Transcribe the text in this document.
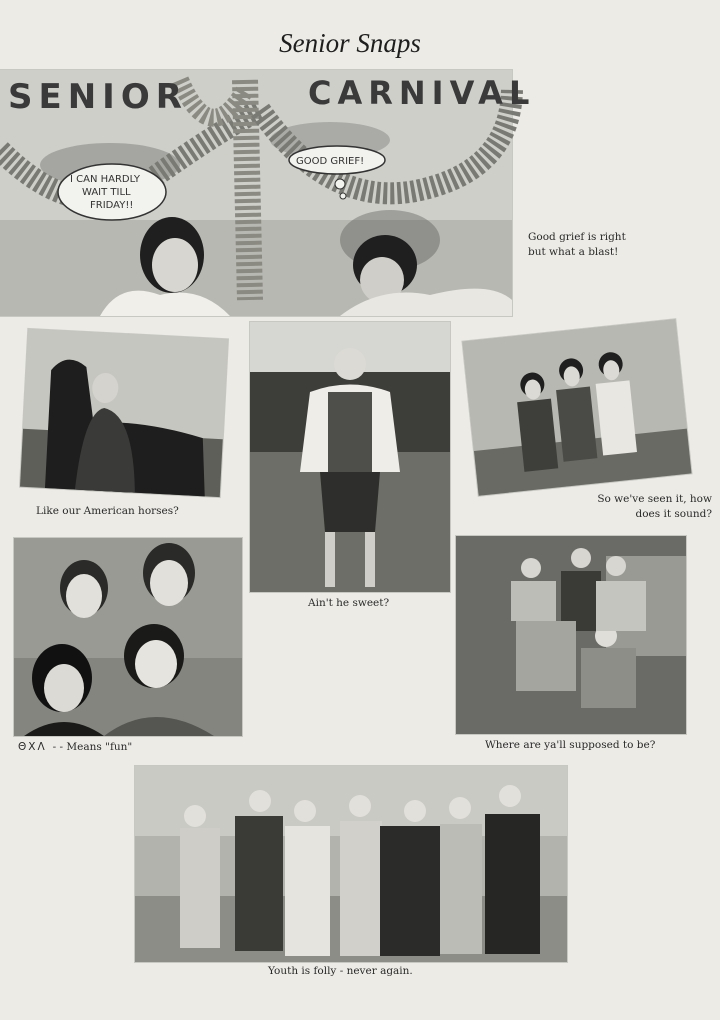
Senior Snaps
SENIOR	CARNIVAL
I CAN HARDLY
WAIT TILL
FRIDAY!!
GOOD GRIEF!
Good grief is right
but what a blast!
Like our American horses?
Ain't he sweet?
So we've seen it, how
does it sound?
ΘΧΛ - - Means "fun"	Where are ya'll supposed to be?
Youth is folly - never again.
